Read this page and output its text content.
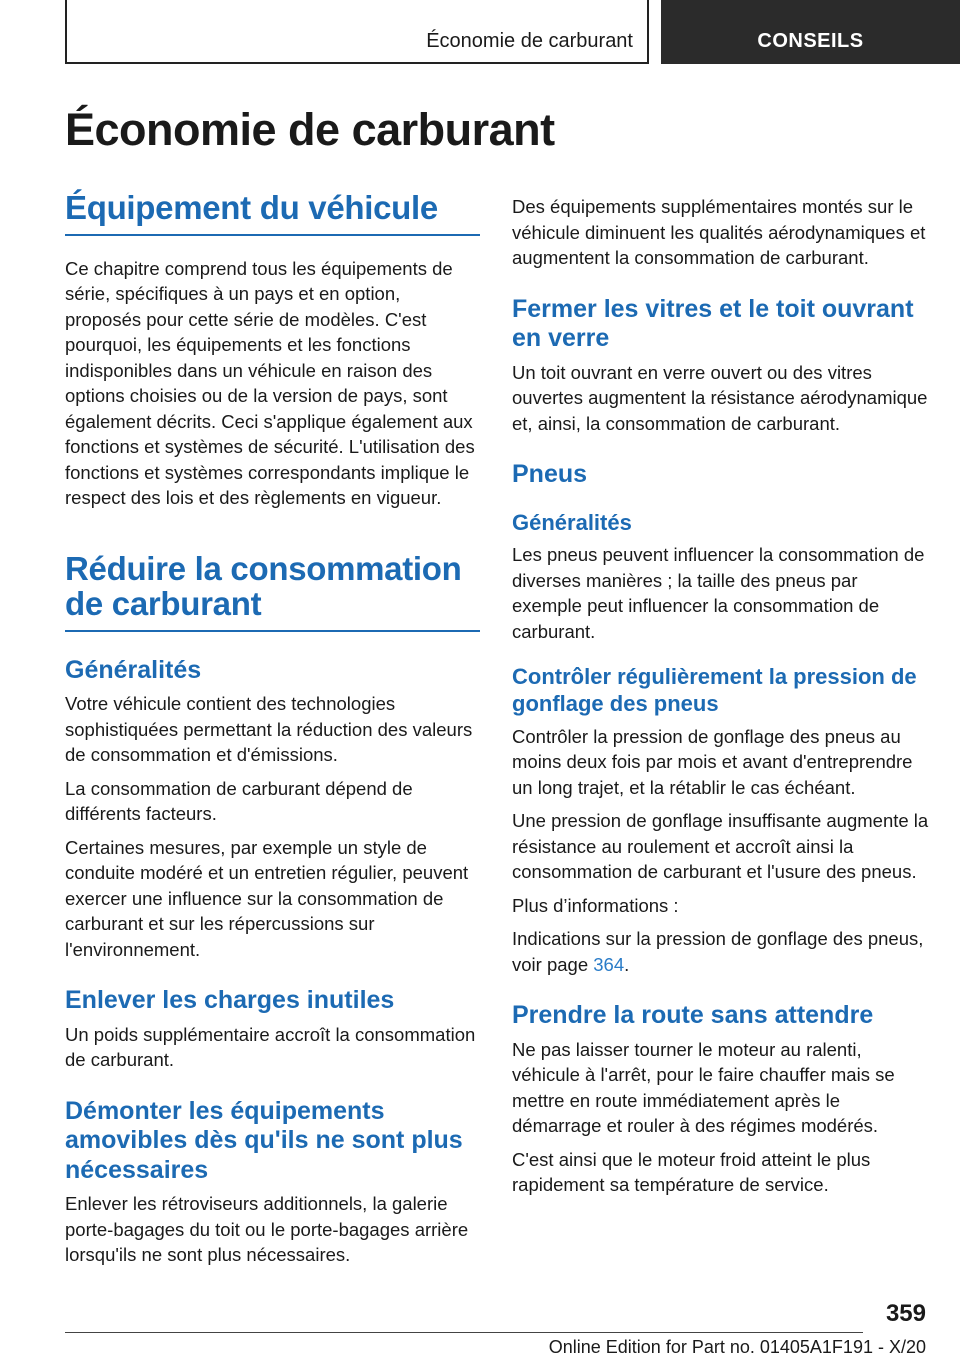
Économie de carburant	CONSEILS
Économie de carburant
Équipement du véhicule

Ce chapitre comprend tous les équipements de série, spécifiques à un pays et en option, proposés pour cette série de modèles. C'est pourquoi, les équipements et les fonctions indisponibles dans un véhicule en raison des options choisies ou de la version de pays, sont également décrits. Ceci s'applique également aux fonctions et systèmes de sécurité. L'utilisation des fonctions et systèmes correspondants implique le respect des lois et des règlements en vigueur.

Réduire la consommation de carburant
Généralités

Votre véhicule contient des technologies sophistiquées permettant la réduction des valeurs de consommation et d'émissions.

La consommation de carburant dépend de différents facteurs.

Certaines mesures, par exemple un style de conduite modéré et un entretien régulier, peuvent exercer une influence sur la consommation de carburant et sur les répercussions sur l'environnement.

Enlever les charges inutiles

Un poids supplémentaire accroît la consommation de carburant.

Démonter les équipements amovibles dès qu'ils ne sont plus nécessaires

Enlever les rétroviseurs additionnels, la galerie porte-bagages du toit ou le porte-bagages arrière lorsqu'ils ne sont plus nécessaires.

Des équipements supplémentaires montés sur le véhicule diminuent les qualités aérodynamiques et augmentent la consommation de carburant.

Fermer les vitres et le toit ouvrant en verre

Un toit ouvrant en verre ouvert ou des vitres ouvertes augmentent la résistance aérodynamique et, ainsi, la consommation de carburant.

Pneus
Généralités

Les pneus peuvent influencer la consommation de diverses manières ; la taille des pneus par exemple peut influencer la consommation de carburant.

Contrôler régulièrement la pression de gonflage des pneus

Contrôler la pression de gonflage des pneus au moins deux fois par mois et avant d'entreprendre un long trajet, et la rétablir le cas échéant.

Une pression de gonflage insuffisante augmente la résistance au roulement et accroît ainsi la consommation de carburant et l'usure des pneus.

Plus d’informations :

Indications sur la pression de gonflage des pneus, voir page 364.

Prendre la route sans attendre

Ne pas laisser tourner le moteur au ralenti, véhicule à l'arrêt, pour le faire chauffer mais se mettre en route immédiatement après le démarrage et rouler à des régimes modérés.

C'est ainsi que le moteur froid atteint le plus rapidement sa température de service.

359
Online Edition for Part no. 01405A1F191 - X/20
